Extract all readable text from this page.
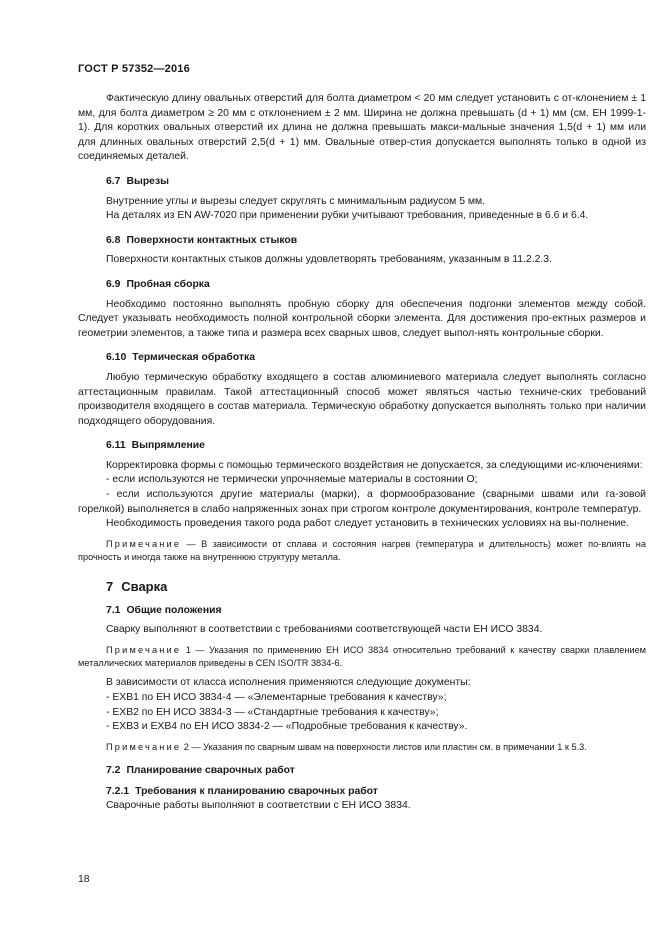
ГОСТ Р 57352—2016

Фактическую длину овальных отверстий для болта диаметром < 20 мм следует установить с от-клонением ± 1 мм, для болта диаметром ≥ 20 мм с отклонением ± 2 мм. Ширина не должна превышать (d + 1) мм (см. ЕН 1999-1-1). Для коротких овальных отверстий их длина не должна превышать макси-мальные значения 1,5(d + 1) мм или для длинных овальных отверстий 2,5(d + 1) мм. Овальные отвер-стия допускается выполнять только в одной из соединяемых деталей.

6.7 Вырезы

Внутренние углы и вырезы следует скруглять с минимальным радиусом 5 мм.

На деталях из EN AW-7020 при применении рубки учитывают требования, приведенные в 6.6 и 6.4.

6.8 Поверхности контактных стыков

Поверхности контактных стыков должны удовлетворять требованиям, указанным в 11.2.2.3.

6.9 Пробная сборка

Необходимо постоянно выполнять пробную сборку для обеспечения подгонки элементов между собой. Следует указывать необходимость полной контрольной сборки элемента. Для достижения про-ектных размеров и геометрии элементов, а также типа и размера всех сварных швов, следует выпол-нять контрольные сборки.

6.10 Термическая обработка

Любую термическую обработку входящего в состав алюминиевого материала следует выполнять согласно аттестационным правилам. Такой аттестационный способ может являться частью техниче-ских требований производителя входящего в состав материала. Термическую обработку допускается выполнять только при наличии подходящего оборудования.

6.11 Выпрямление

Корректировка формы с помощью термического воздействия не допускается, за следующими ис-ключениями:

- если используются не термически упрочняемые материалы в состоянии О;

- если используются другие материалы (марки), а формообразование (сварными швами или га-зовой горелкой) выполняется в слабо напряженных зонах при строгом контроле документирования, контроле температур.

Необходимость проведения такого рода работ следует установить в технических условиях на вы-полнение.

Примечание — В зависимости от сплава и состояния нагрев (температура и длительность) может по-влиять на прочность и иногда также на внутреннюю структуру металла.

7 Сварка
7.1 Общие положения

Сварку выполняют в соответствии с требованиями соответствующей части ЕН ИСО 3834.

Примечание 1 — Указания по применению ЕН ИСО 3834 относительно требований к качеству сварки плавлением металлических материалов приведены в CEN ISO/TR 3834-6.

В зависимости от класса исполнения применяются следующие документы:

- EXB1 по ЕН ИСО 3834-4 — «Элементарные требования к качеству»;

- EXB2 по ЕН ИСО 3834-3 — «Стандартные требования к качеству»;

- EXB3 и EXB4 по ЕН ИСО 3834-2 — «Подробные требования к качеству».

Примечание 2 — Указания по сварным швам на поверхности листов или пластин см. в примечании 1 к 5.3.

7.2 Планирование сварочных работ
7.2.1 Требования к планированию сварочных работ

Сварочные работы выполняют в соответствии с ЕН ИСО 3834.

18
